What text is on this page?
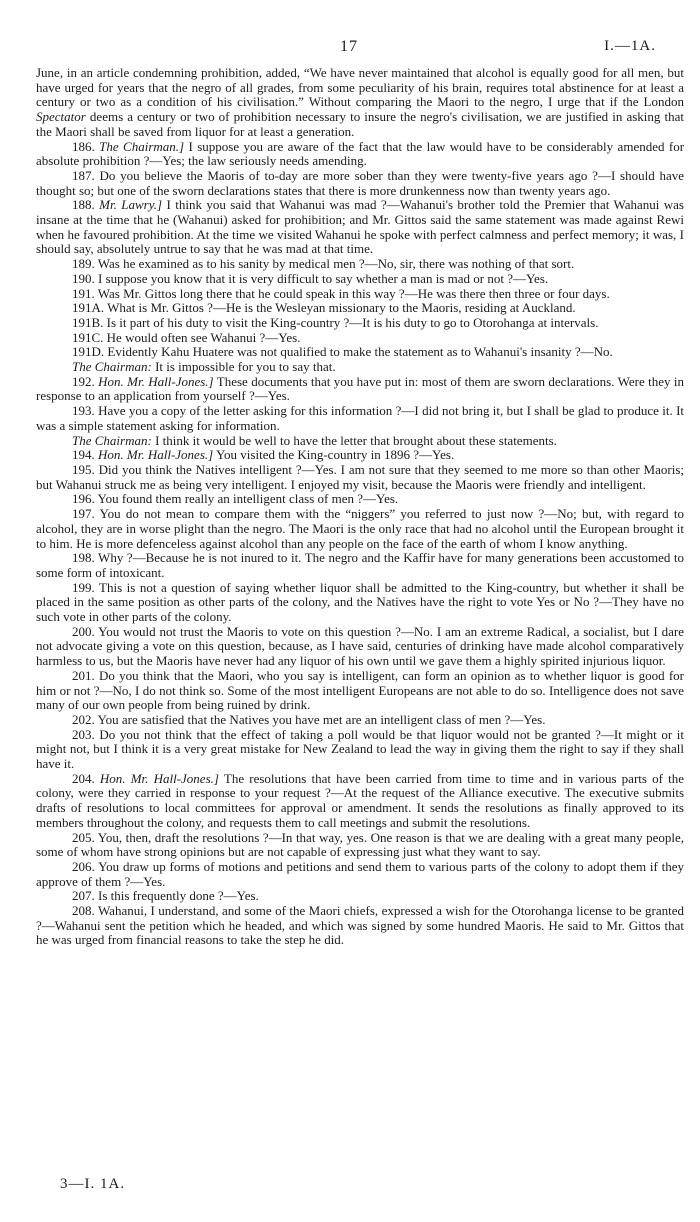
17	I.—1A.

June, in an article condemning prohibition, added, “We have never maintained that alcohol is equally good for all men, but have urged for years that the negro of all grades, from some peculiarity of his brain, requires total abstinence for at least a century or two as a condition of his civilisation.” Without comparing the Maori to the negro, I urge that if the London Spectator deems a century or two of prohibition necessary to insure the negro's civilisation, we are justified in asking that the Maori shall be saved from liquor for at least a generation.

186. The Chairman.] I suppose you are aware of the fact that the law would have to be considerably amended for absolute prohibition ?—Yes; the law seriously needs amending.

187. Do you believe the Maoris of to-day are more sober than they were twenty-five years ago ?—I should have thought so; but one of the sworn declarations states that there is more drunkenness now than twenty years ago.

188. Mr. Lawry.] I think you said that Wahanui was mad ?—Wahanui's brother told the Premier that Wahanui was insane at the time that he (Wahanui) asked for prohibition; and Mr. Gittos said the same statement was made against Rewi when he favoured prohibition. At the time we visited Wahanui he spoke with perfect calmness and perfect memory; it was, I should say, absolutely untrue to say that he was mad at that time.

189. Was he examined as to his sanity by medical men ?—No, sir, there was nothing of that sort.

190. I suppose you know that it is very difficult to say whether a man is mad or not ?—Yes.

191. Was Mr. Gittos long there that he could speak in this way ?—He was there then three or four days.

191A. What is Mr. Gittos ?—He is the Wesleyan missionary to the Maoris, residing at Auckland.

191B. Is it part of his duty to visit the King-country ?—It is his duty to go to Otorohanga at intervals.

191C. He would often see Wahanui ?—Yes.

191D. Evidently Kahu Huatere was not qualified to make the statement as to Wahanui's insanity ?—No.

The Chairman: It is impossible for you to say that.

192. Hon. Mr. Hall-Jones.] These documents that you have put in: most of them are sworn declarations. Were they in response to an application from yourself ?—Yes.

193. Have you a copy of the letter asking for this information ?—I did not bring it, but I shall be glad to produce it. It was a simple statement asking for information.

The Chairman: I think it would be well to have the letter that brought about these statements.

194. Hon. Mr. Hall-Jones.] You visited the King-country in 1896 ?—Yes.

195. Did you think the Natives intelligent ?—Yes. I am not sure that they seemed to me more so than other Maoris; but Wahanui struck me as being very intelligent. I enjoyed my visit, because the Maoris were friendly and intelligent.

196. You found them really an intelligent class of men ?—Yes.

197. You do not mean to compare them with the “niggers” you referred to just now ?—No; but, with regard to alcohol, they are in worse plight than the negro. The Maori is the only race that had no alcohol until the European brought it to him. He is more defenceless against alcohol than any people on the face of the earth of whom I know anything.

198. Why ?—Because he is not inured to it. The negro and the Kaffir have for many generations been accustomed to some form of intoxicant.

199. This is not a question of saying whether liquor shall be admitted to the King-country, but whether it shall be placed in the same position as other parts of the colony, and the Natives have the right to vote Yes or No ?—They have no such vote in other parts of the colony.

200. You would not trust the Maoris to vote on this question ?—No. I am an extreme Radical, a socialist, but I dare not advocate giving a vote on this question, because, as I have said, centuries of drinking have made alcohol comparatively harmless to us, but the Maoris have never had any liquor of his own until we gave them a highly spirited injurious liquor.

201. Do you think that the Maori, who you say is intelligent, can form an opinion as to whether liquor is good for him or not ?—No, I do not think so. Some of the most intelligent Europeans are not able to do so. Intelligence does not save many of our own people from being ruined by drink.

202. You are satisfied that the Natives you have met are an intelligent class of men ?—Yes.

203. Do you not think that the effect of taking a poll would be that liquor would not be granted ?—It might or it might not, but I think it is a very great mistake for New Zealand to lead the way in giving them the right to say if they shall have it.

204. Hon. Mr. Hall-Jones.] The resolutions that have been carried from time to time and in various parts of the colony, were they carried in response to your request ?—At the request of the Alliance executive. The executive submits drafts of resolutions to local committees for approval or amendment. It sends the resolutions as finally approved to its members throughout the colony, and requests them to call meetings and submit the resolutions.

205. You, then, draft the resolutions ?—In that way, yes. One reason is that we are dealing with a great many people, some of whom have strong opinions but are not capable of expressing just what they want to say.

206. You draw up forms of motions and petitions and send them to various parts of the colony to adopt them if they approve of them ?—Yes.

207. Is this frequently done ?—Yes.

208. Wahanui, I understand, and some of the Maori chiefs, expressed a wish for the Otorohanga license to be granted ?—Wahanui sent the petition which he headed, and which was signed by some hundred Maoris. He said to Mr. Gittos that he was urged from financial reasons to take the step he did.

3—I. 1A.
